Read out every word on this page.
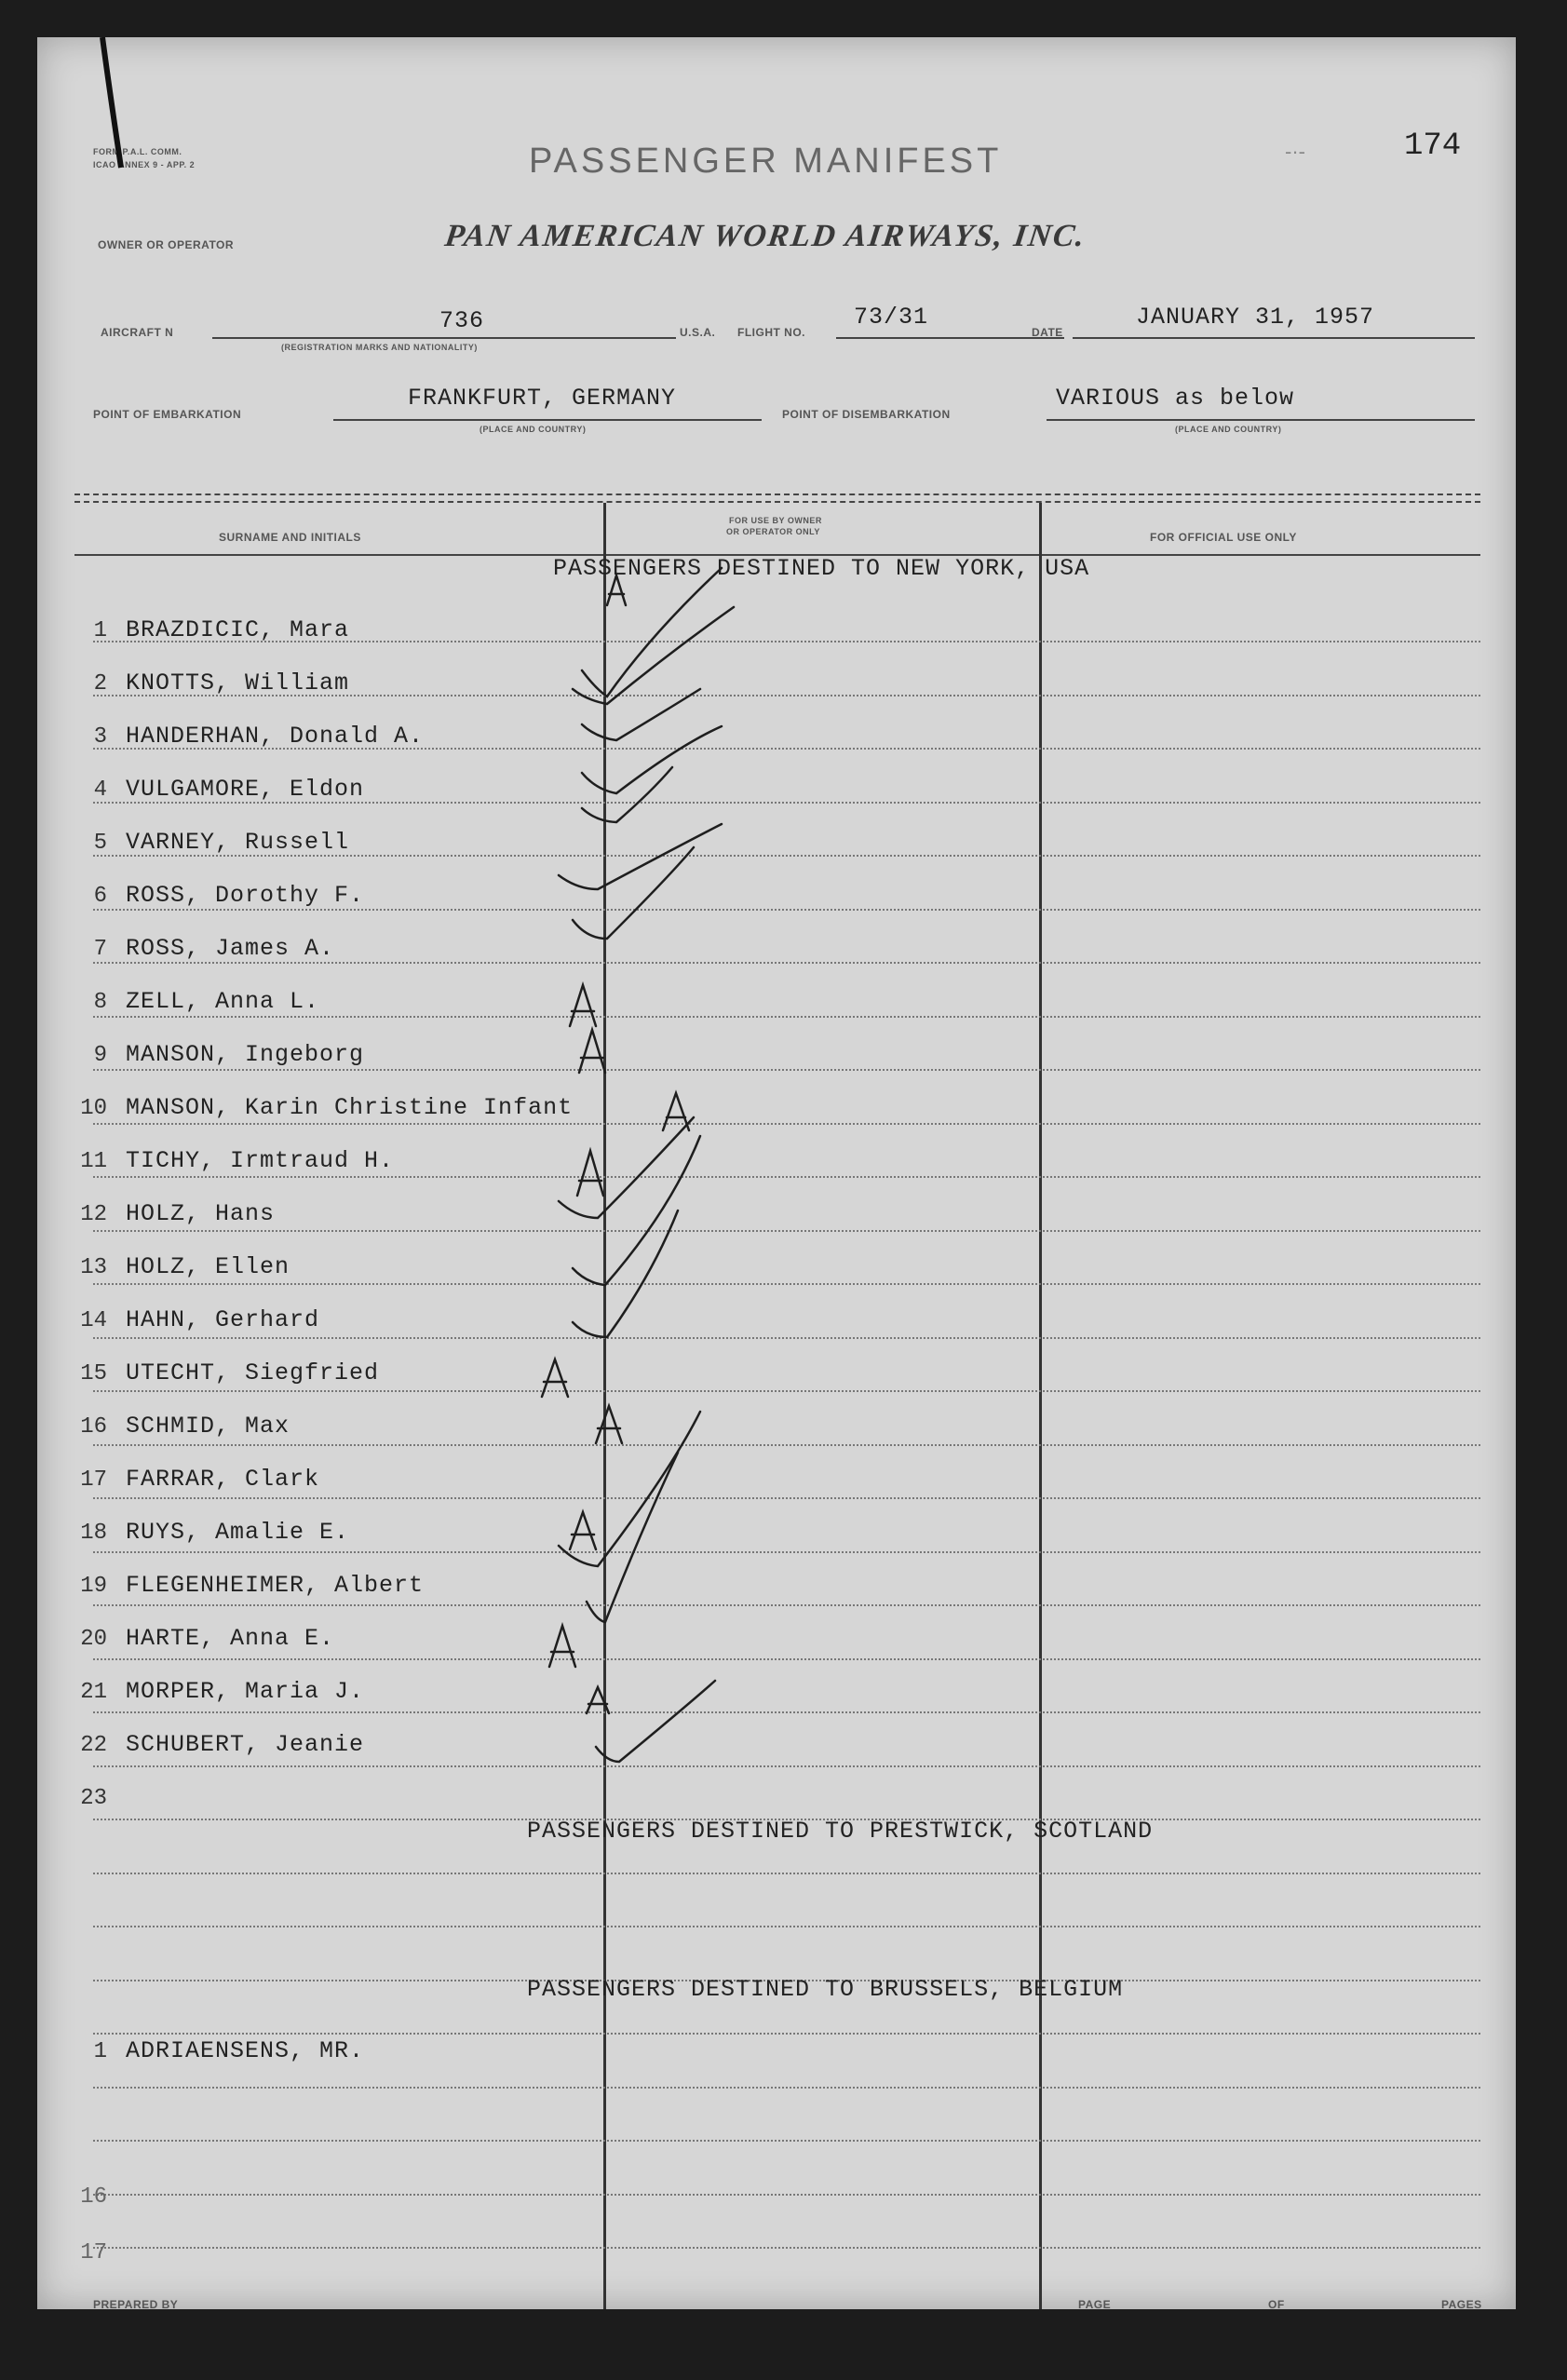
FORM P.A.L. COMM.
ICAO ANNEX 9 - APP. 2
174
-·-
PASSENGER MANIFEST
OWNER OR OPERATOR	PAN AMERICAN WORLD AIRWAYS, INC.
AIRCRAFT N	736
(REGISTRATION MARKS AND NATIONALITY)
U.S.A. FLIGHT NO.
73/31
DATE
JANUARY 31, 1957
POINT OF EMBARKATION
FRANKFURT, GERMANY
(PLACE AND COUNTRY)
POINT OF DISEMBARKATION
VARIOUS as below
(PLACE AND COUNTRY)
SURNAME AND INITIALS
FOR USE BY OWNER
OR OPERATOR ONLY	FOR OFFICIAL USE ONLY
PASSENGERS DESTINED TO NEW YORK, USA
PASSENGERS DESTINED TO PRESTWICK, SCOTLAND
PASSENGERS DESTINED TO BRUSSELS, BELGIUM
1 BRAZDICIC, Mara
2 KNOTTS, William
3 HANDERHAN, Donald A.
4 VULGAMORE, Eldon
5 VARNEY, Russell
6 ROSS, Dorothy F.
7 ROSS, James A.
8 ZELL, Anna L.
9 MANSON, Ingeborg
10 MANSON, Karin Christine Infant
11 TICHY, Irmtraud H.
12 HOLZ, Hans
13 HOLZ, Ellen
14 HAHN, Gerhard
15 UTECHT, Siegfried
16 SCHMID, Max
17 FARRAR, Clark
18 RUYS, Amalie E.
19 FLEGENHEIMER, Albert
20 HARTE, Anna E.
21 MORPER, Maria J.
22 SCHUBERT, Jeanie
23
1 ADRIAENSENS, MR.
16
17
PREPARED BY	PAGE	OF	PAGES
